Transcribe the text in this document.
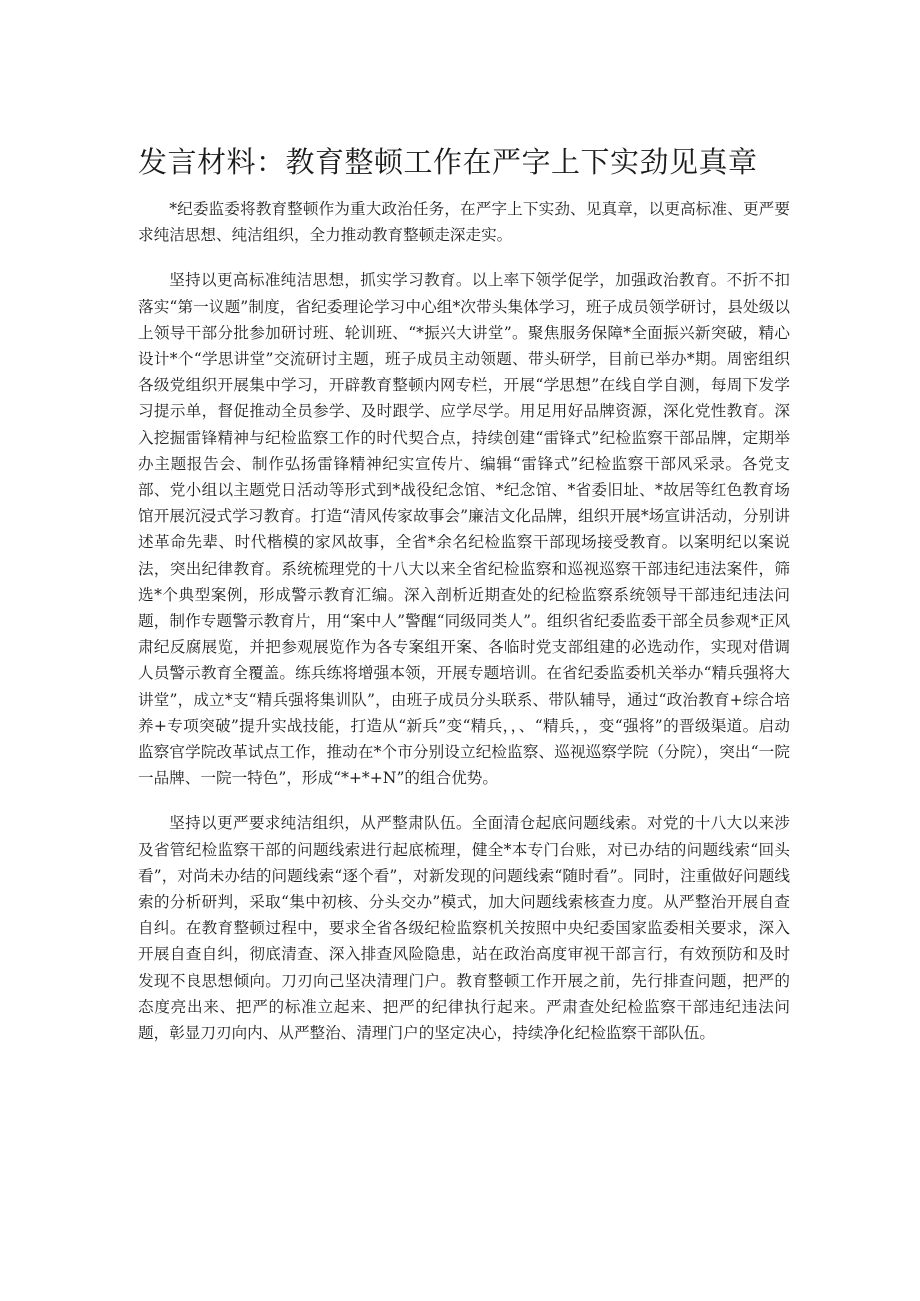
发言材料：教育整顿工作在严字上下实劲见真章

*纪委监委将教育整顿作为重大政治任务，在严字上下实劲、见真章，以更高标准、更严要求纯洁思想、纯洁组织，全力推动教育整顿走深走实。

坚持以更高标准纯洁思想，抓实学习教育。以上率下领学促学，加强政治教育。不折不扣落实“第一议题”制度，省纪委理论学习中心组*次带头集体学习，班子成员领学研讨，县处级以上领导干部分批参加研讨班、轮训班、“*振兴大讲堂”。聚焦服务保障*全面振兴新突破，精心设计*个“学思讲堂”交流研讨主题，班子成员主动领题、带头研学，目前已举办*期。周密组织各级党组织开展集中学习，开辟教育整顿内网专栏，开展“学思想”在线自学自测，每周下发学习提示单，督促推动全员参学、及时跟学、应学尽学。用足用好品牌资源，深化党性教育。深入挖掘雷锋精神与纪检监察工作的时代契合点，持续创建“雷锋式”纪检监察干部品牌，定期举办主题报告会、制作弘扬雷锋精神纪实宣传片、编辑“雷锋式”纪检监察干部风采录。各党支部、党小组以主题党日活动等形式到*战役纪念馆、*纪念馆、*省委旧址、*故居等红色教育场馆开展沉浸式学习教育。打造“清风传家故事会”廉洁文化品牌，组织开展*场宣讲活动，分别讲述革命先辈、时代楷模的家风故事，全省*余名纪检监察干部现场接受教育。以案明纪以案说法，突出纪律教育。系统梳理党的十八大以来全省纪检监察和巡视巡察干部违纪违法案件，筛选*个典型案例，形成警示教育汇编。深入剖析近期查处的纪检监察系统领导干部违纪违法问题，制作专题警示教育片，用“案中人”警醒“同级同类人”。组织省纪委监委干部全员参观*正风肃纪反腐展览，并把参观展览作为各专案组开案、各临时党支部组建的必选动作，实现对借调人员警示教育全覆盖。练兵练将增强本领，开展专题培训。在省纪委监委机关举办“精兵强将大讲堂”，成立*支“精兵强将集训队”，由班子成员分头联系、带队辅导，通过“政治教育+综合培养+专项突破”提升实战技能，打造从“新兵”变“精兵，，、“精兵，，变“强将”的晋级渠道。启动监察官学院改革试点工作，推动在*个市分别设立纪检监察、巡视巡察学院（分院），突出“一院一品牌、一院一特色”，形成“*+*+N”的组合优势。

坚持以更严要求纯洁组织，从严整肃队伍。全面清仓起底问题线索。对党的十八大以来涉及省管纪检监察干部的问题线索进行起底梳理，健全*本专门台账，对已办结的问题线索“回头看”，对尚未办结的问题线索“逐个看”，对新发现的问题线索“随时看”。同时，注重做好问题线索的分析研判，采取“集中初核、分头交办”模式，加大问题线索核查力度。从严整治开展自查自纠。在教育整顿过程中，要求全省各级纪检监察机关按照中央纪委国家监委相关要求，深入开展自查自纠，彻底清查、深入排查风险隐患，站在政治高度审视干部言行，有效预防和及时发现不良思想倾向。刀刃向己坚决清理门户。教育整顿工作开展之前，先行排查问题，把严的态度亮出来、把严的标准立起来、把严的纪律执行起来。严肃查处纪检监察干部违纪违法问题，彰显刀刃向内、从严整治、清理门户的坚定决心，持续净化纪检监察干部队伍。
